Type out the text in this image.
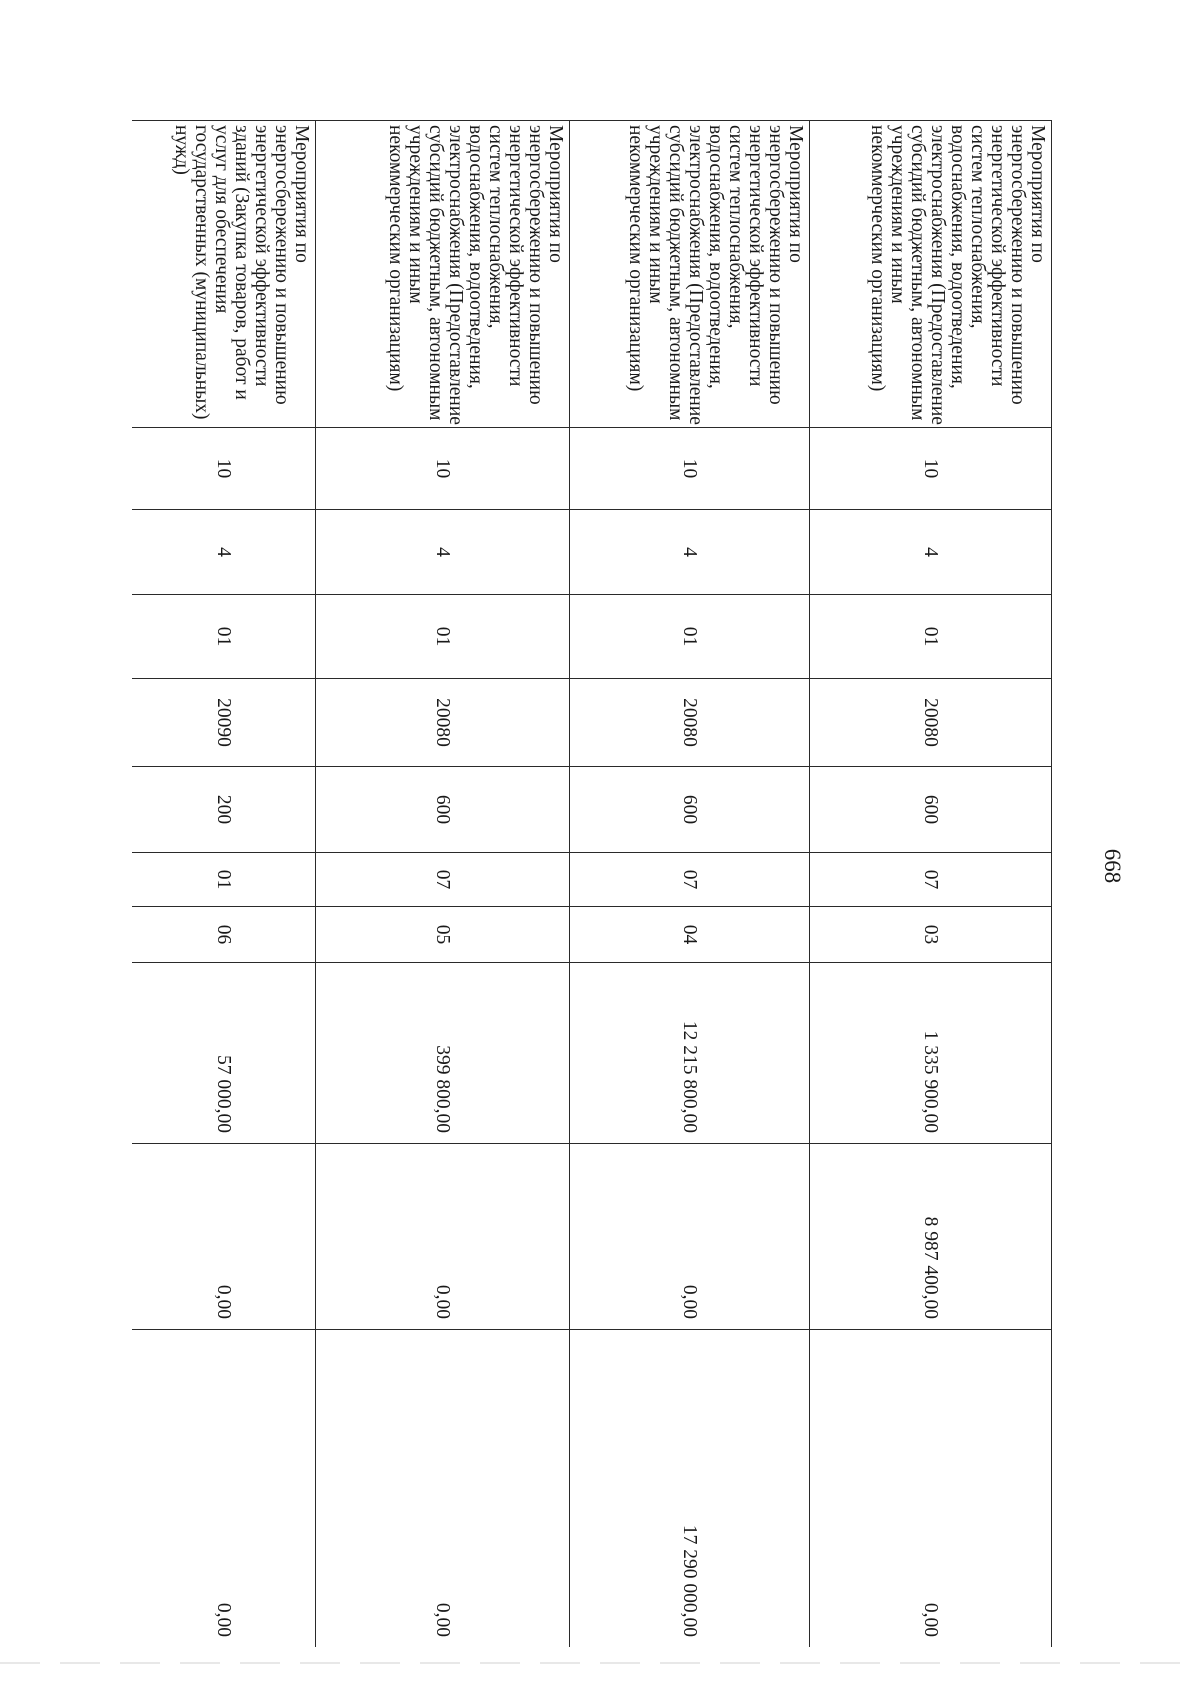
668
Мероприятия по энергосбережению и повышению энергетической эффективности систем теплоснабжения, водоснабжения, водоотведения, электроснабжения (Предоставление субсидий бюджетным, автономным учреждениям и иным некоммерческим организациям)	10	4	01	20080	600	07	03	1 335 900,00	8 987 400,00	0,00
Мероприятия по энергосбережению и повышению энергетической эффективности систем теплоснабжения, водоснабжения, водоотведения, электроснабжения (Предоставление субсидий бюджетным, автономным учреждениям и иным некоммерческим организациям)	10	4	01	20080	600	07	04	12 215 800,00	0,00	17 290 000,00
Мероприятия по энергосбережению и повышению энергетической эффективности систем теплоснабжения, водоснабжения, водоотведения, электроснабжения (Предоставление субсидий бюджетным, автономным учреждениям и иным некоммерческим организациям)	10	4	01	20080	600	07	05	399 800,00	0,00	0,00
Мероприятия по энергосбережению и повышению энергетической эффективности зданий (Закупка товаров, работ и услуг для обеспечения государственных (муниципальных) нужд)	10	4	01	20090	200	01	06	57 000,00	0,00	0,00
